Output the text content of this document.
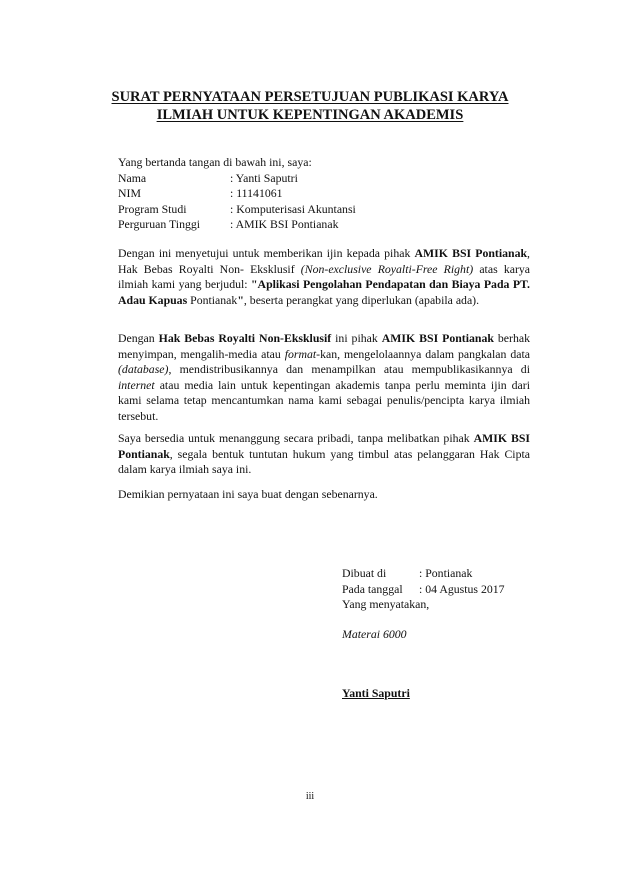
SURAT PERNYATAAN PERSETUJUAN PUBLIKASI KARYA
ILMIAH UNTUK KEPENTINGAN AKADEMIS
Yang bertanda tangan di bawah ini, saya:
Nama	: Yanti Saputri
NIM	: 11141061
Program Studi	: Komputerisasi Akuntansi
Perguruan Tinggi	: AMIK BSI Pontianak
Dengan ini menyetujui untuk memberikan ijin kepada pihak AMIK BSI Pontianak, Hak Bebas Royalti Non- Eksklusif (Non-exclusive Royalti-Free Right) atas karya ilmiah kami yang berjudul: "Aplikasi Pengolahan Pendapatan dan Biaya Pada PT. Adau Kapuas Pontianak", beserta perangkat yang diperlukan (apabila ada).
Dengan Hak Bebas Royalti Non-Eksklusif ini pihak AMIK BSI Pontianak berhak menyimpan, mengalih-media atau format-kan, mengelolaannya dalam pangkalan data (database), mendistribusikannya dan menampilkan atau mempublikasikannya di internet atau media lain untuk kepentingan akademis tanpa perlu meminta ijin dari kami selama tetap mencantumkan nama kami sebagai penulis/pencipta karya ilmiah tersebut.
Saya bersedia untuk menanggung secara pribadi, tanpa melibatkan pihak AMIK BSI Pontianak, segala bentuk tuntutan hukum yang timbul atas pelanggaran Hak Cipta dalam karya ilmiah saya ini.
Demikian pernyataan ini saya buat dengan sebenarnya.
Dibuat di	: Pontianak
Pada tanggal	: 04 Agustus 2017
Yang menyatakan,
Materai 6000
Yanti Saputri
iii
